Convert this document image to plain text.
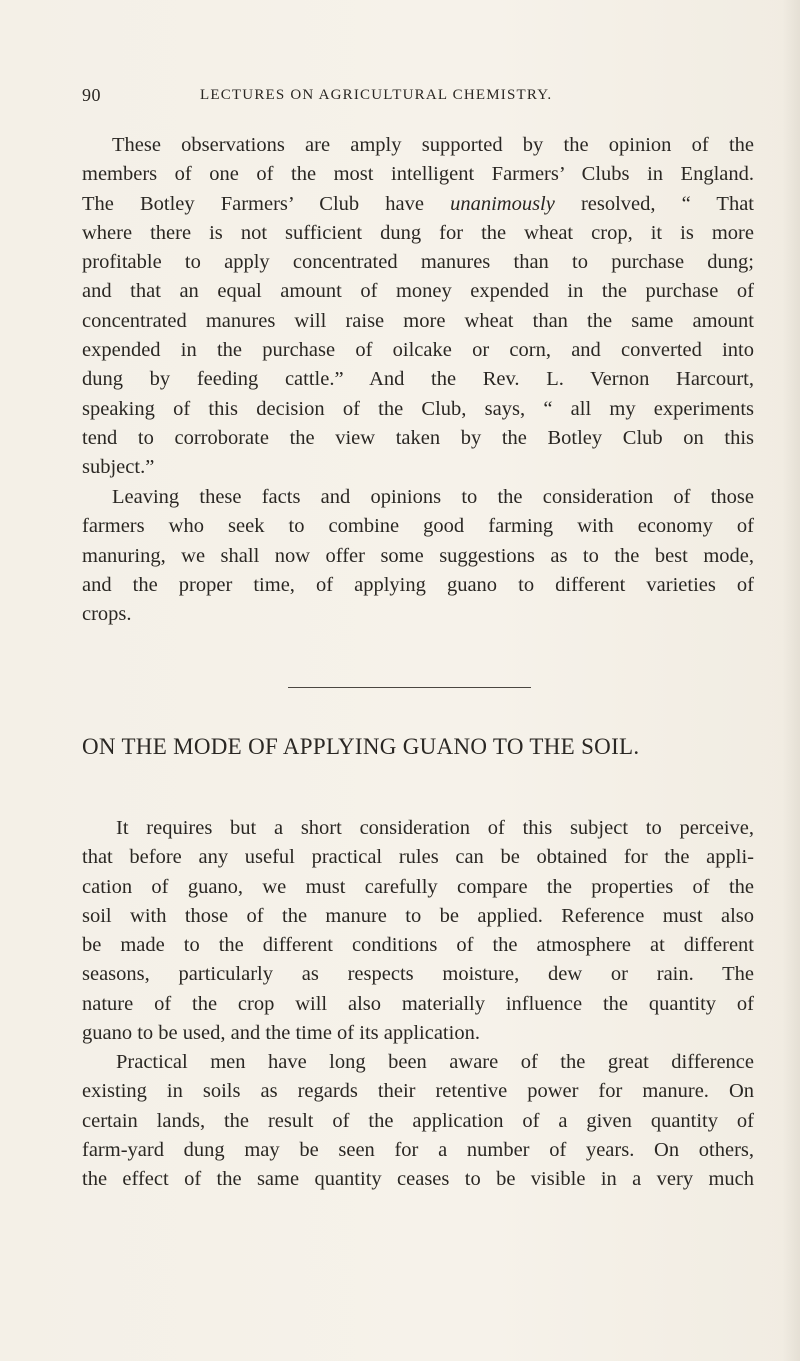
90	LECTURES ON AGRICULTURAL CHEMISTRY.
These observations are amply supported by the opinion of the
members of one of the most intelligent Farmers’ Clubs in England.
The Botley Farmers’ Club have unanimously resolved, “ That
where there is not sufficient dung for the wheat crop, it is more
profitable to apply concentrated manures than to purchase dung;
and that an equal amount of money expended in the purchase of
concentrated manures will raise more wheat than the same amount
expended in the purchase of oilcake or corn, and converted into
dung by feeding cattle.” And the Rev. L. Vernon Harcourt,
speaking of this decision of the Club, says, “ all my experiments
tend to corroborate the view taken by the Botley Club on this
subject.”
Leaving these facts and opinions to the consideration of those
farmers who seek to combine good farming with economy of
manuring, we shall now offer some suggestions as to the best mode,
and the proper time, of applying guano to different varieties of
crops.
ON THE MODE OF APPLYING GUANO TO THE SOIL.
It requires but a short consideration of this subject to perceive,
that before any useful practical rules can be obtained for the appli-
cation of guano, we must carefully compare the properties of the
soil with those of the manure to be applied. Reference must also
be made to the different conditions of the atmosphere at different
seasons, particularly as respects moisture, dew or rain. The
nature of the crop will also materially influence the quantity of
guano to be used, and the time of its application.
Practical men have long been aware of the great difference
existing in soils as regards their retentive power for manure. On
certain lands, the result of the application of a given quantity of
farm-yard dung may be seen for a number of years. On others,
the effect of the same quantity ceases to be visible in a very much
